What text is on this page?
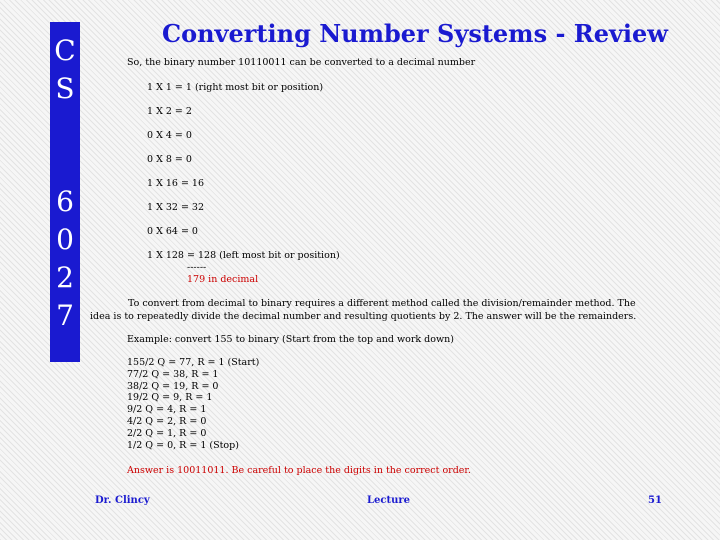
C
S
6
0
2
7
Converting Number Systems - Review

So, the binary number 10110011 can be converted to a decimal number

1 X 1 = 1 (right most bit or position)

1 X 2 = 2

0 X 4 = 0

0 X 8 = 0

1 X 16 = 16

1 X 32 = 32

0 X 64 = 0

1 X 128 = 128 (left most bit or position)

------

179 in decimal

To convert from decimal to binary requires a different method called the division/remainder method. The idea is to repeatedly divide the decimal number and resulting quotients by 2. The answer will be the remainders.

Example: convert 155 to binary (Start from the top and work down)

155/2 Q = 77, R = 1 (Start)
77/2 Q = 38, R = 1
38/2 Q = 19, R = 0
19/2 Q = 9, R = 1
9/2 Q = 4, R = 1
4/2 Q = 2, R = 0
2/2 Q = 1, R = 0
1/2 Q = 0, R = 1 (Stop)

Answer is 10011011. Be careful to place the digits in the correct order.

Dr. Clincy	Lecture	51
